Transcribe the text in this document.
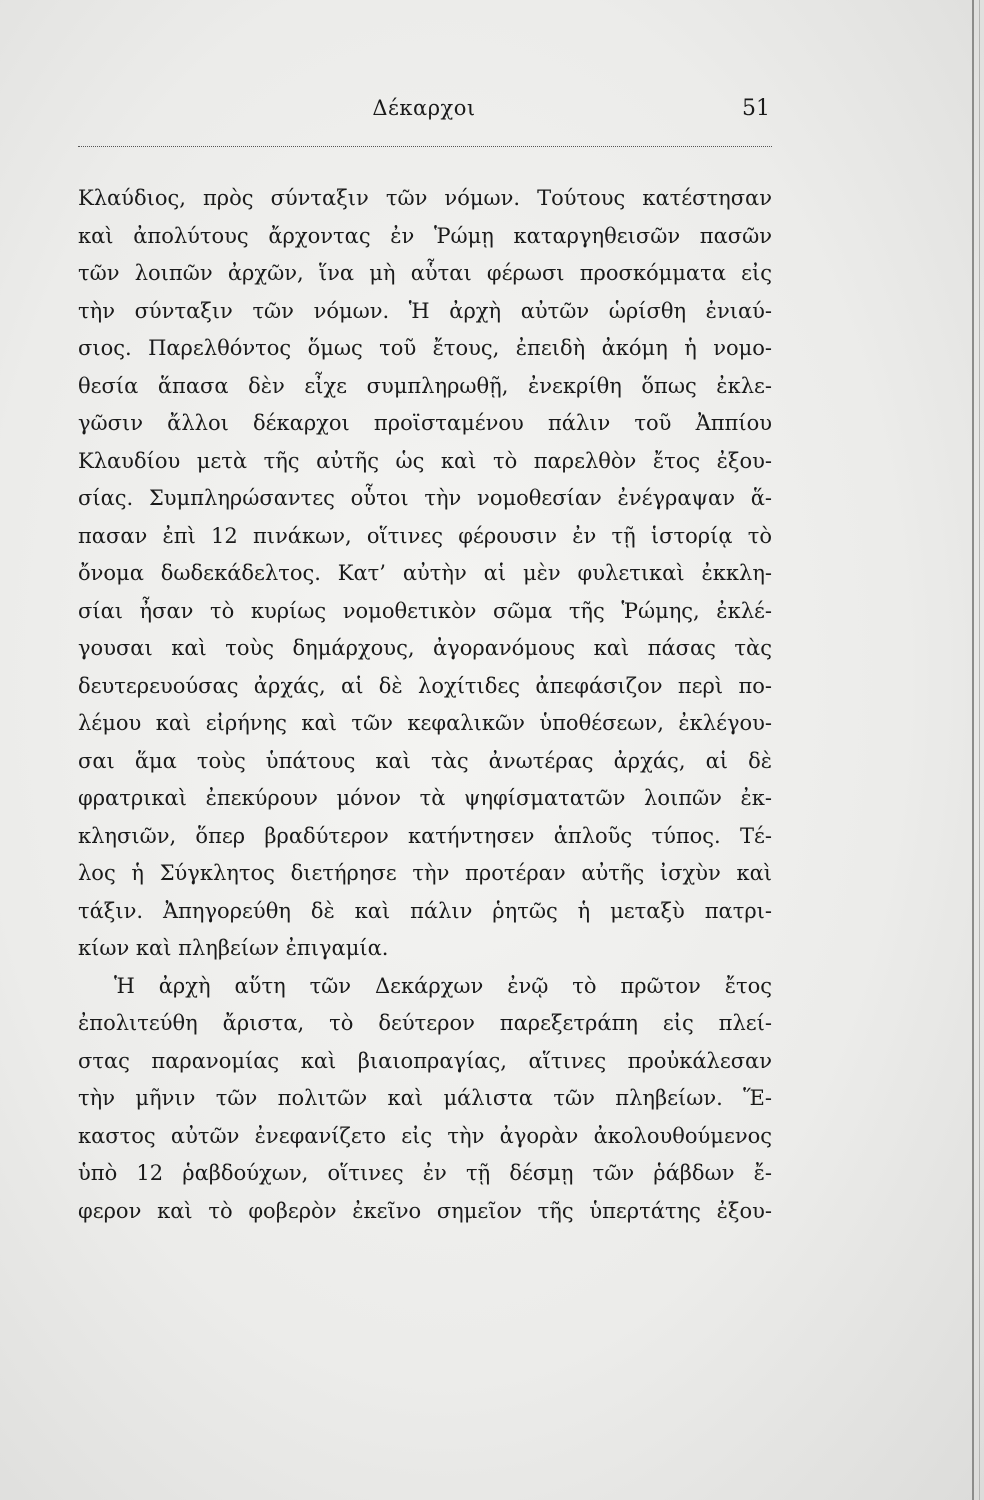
Δέκαρχοι	51
Κλαύδιος, πρὸς σύνταξιν τῶν νόμων. Τούτους κατέστησαν
καὶ ἀπολύτους ἄρχοντας ἐν Ῥώμῃ καταργηθεισῶν πασῶν
τῶν λοιπῶν ἀρχῶν, ἵνα μὴ αὗται φέρωσι προσκόμματα εἰς
τὴν σύνταξιν τῶν νόμων. Ἡ ἀρχὴ αὐτῶν ὡρίσθη ἐνιαύ-
σιος. Παρελθόντος ὅμως τοῦ ἔτους, ἐπειδὴ ἀκόμη ἡ νομο-
θεσία ἅπασα δὲν εἶχε συμπληρωθῇ, ἐνεκρίθη ὅπως ἐκλε-
γῶσιν ἄλλοι δέκαρχοι προϊσταμένου πάλιν τοῦ Ἀππίου
Κλαυδίου μετὰ τῆς αὐτῆς ὡς καὶ τὸ παρελθὸν ἔτος ἐξου-
σίας. Συμπληρώσαντες οὗτοι τὴν νομοθεσίαν ἐνέγραψαν ἅ-
πασαν ἐπὶ 12 πινάκων, οἵτινες φέρουσιν ἐν τῇ ἱστορίᾳ τὸ
ὄνομα δωδεκάδελτος. Κατ’ αὐτὴν αἱ μὲν φυλετικαὶ ἐκκλη-
σίαι ἦσαν τὸ κυρίως νομοθετικὸν σῶμα τῆς Ῥώμης, ἐκλέ-
γουσαι καὶ τοὺς δημάρχους, ἀγορανόμους καὶ πάσας τὰς
δευτερευούσας ἀρχάς, αἱ δὲ λοχίτιδες ἀπεφάσιζον περὶ πο-
λέμου καὶ εἰρήνης καὶ τῶν κεφαλικῶν ὑποθέσεων, ἐκλέγου-
σαι ἅμα τοὺς ὑπάτους καὶ τὰς ἀνωτέρας ἀρχάς, αἱ δὲ
φρατρικαὶ ἐπεκύρουν μόνον τὰ ψηφίσματατῶν λοιπῶν ἐκ-
κλησιῶν, ὅπερ βραδύτερον κατήντησεν ἁπλοῦς τύπος. Τέ-
λος ἡ Σύγκλητος διετήρησε τὴν προτέραν αὐτῆς ἰσχὺν καὶ
τάξιν. Ἀπηγορεύθη δὲ καὶ πάλιν ῥητῶς ἡ μεταξὺ πατρι-
κίων καὶ πληβείων ἐπιγαμία.
Ἡ ἀρχὴ αὕτη τῶν Δεκάρχων ἐνῷ τὸ πρῶτον ἔτος
ἐπολιτεύθη ἄριστα, τὸ δεύτερον παρεξετράπη εἰς πλεί-
στας παρανομίας καὶ βιαιοπραγίας, αἵτινες προὐκάλεσαν
τὴν μῆνιν τῶν πολιτῶν καὶ μάλιστα τῶν πληβείων. Ἕ-
καστος αὐτῶν ἐνεφανίζετο εἰς τὴν ἀγορὰν ἀκολουθούμενος
ὑπὸ 12 ῥαβδούχων, οἵτινες ἐν τῇ δέσμῃ τῶν ῥάβδων ἔ-
φερον καὶ τὸ φοβερὸν ἐκεῖνο σημεῖον τῆς ὑπερτάτης ἐξου-
